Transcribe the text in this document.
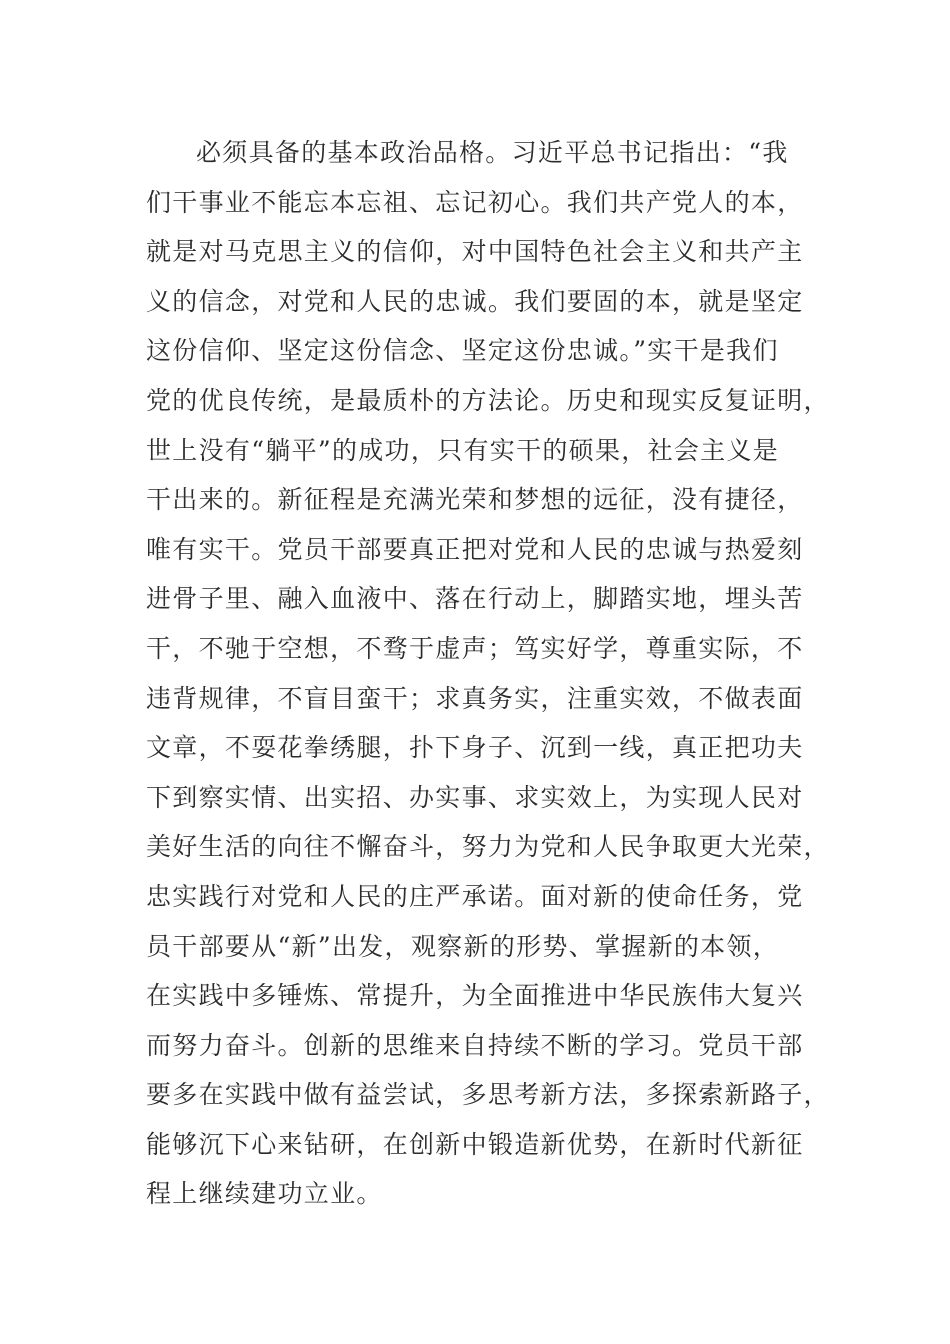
必须具备的基本政治品格。习近平总书记指出：“我
们干事业不能忘本忘祖、忘记初心。我们共产党人的本，
就是对马克思主义的信仰，对中国特色社会主义和共产主
义的信念，对党和人民的忠诚。我们要固的本，就是坚定
这份信仰、坚定这份信念、坚定这份忠诚。”实干是我们
党的优良传统，是最质朴的方法论。历史和现实反复证明，
世上没有“躺平”的成功，只有实干的硕果，社会主义是
干出来的。新征程是充满光荣和梦想的远征，没有捷径，
唯有实干。党员干部要真正把对党和人民的忠诚与热爱刻
进骨子里、融入血液中、落在行动上，脚踏实地，埋头苦
干，不驰于空想，不骛于虚声；笃实好学，尊重实际，不
违背规律，不盲目蛮干；求真务实，注重实效，不做表面
文章，不耍花拳绣腿，扑下身子、沉到一线，真正把功夫
下到察实情、出实招、办实事、求实效上，为实现人民对
美好生活的向往不懈奋斗，努力为党和人民争取更大光荣，
忠实践行对党和人民的庄严承诺。面对新的使命任务，党
员干部要从“新”出发，观察新的形势、掌握新的本领，
在实践中多锤炼、常提升，为全面推进中华民族伟大复兴
而努力奋斗。创新的思维来自持续不断的学习。党员干部
要多在实践中做有益尝试，多思考新方法，多探索新路子，
能够沉下心来钻研，在创新中锻造新优势，在新时代新征
程上继续建功立业。
